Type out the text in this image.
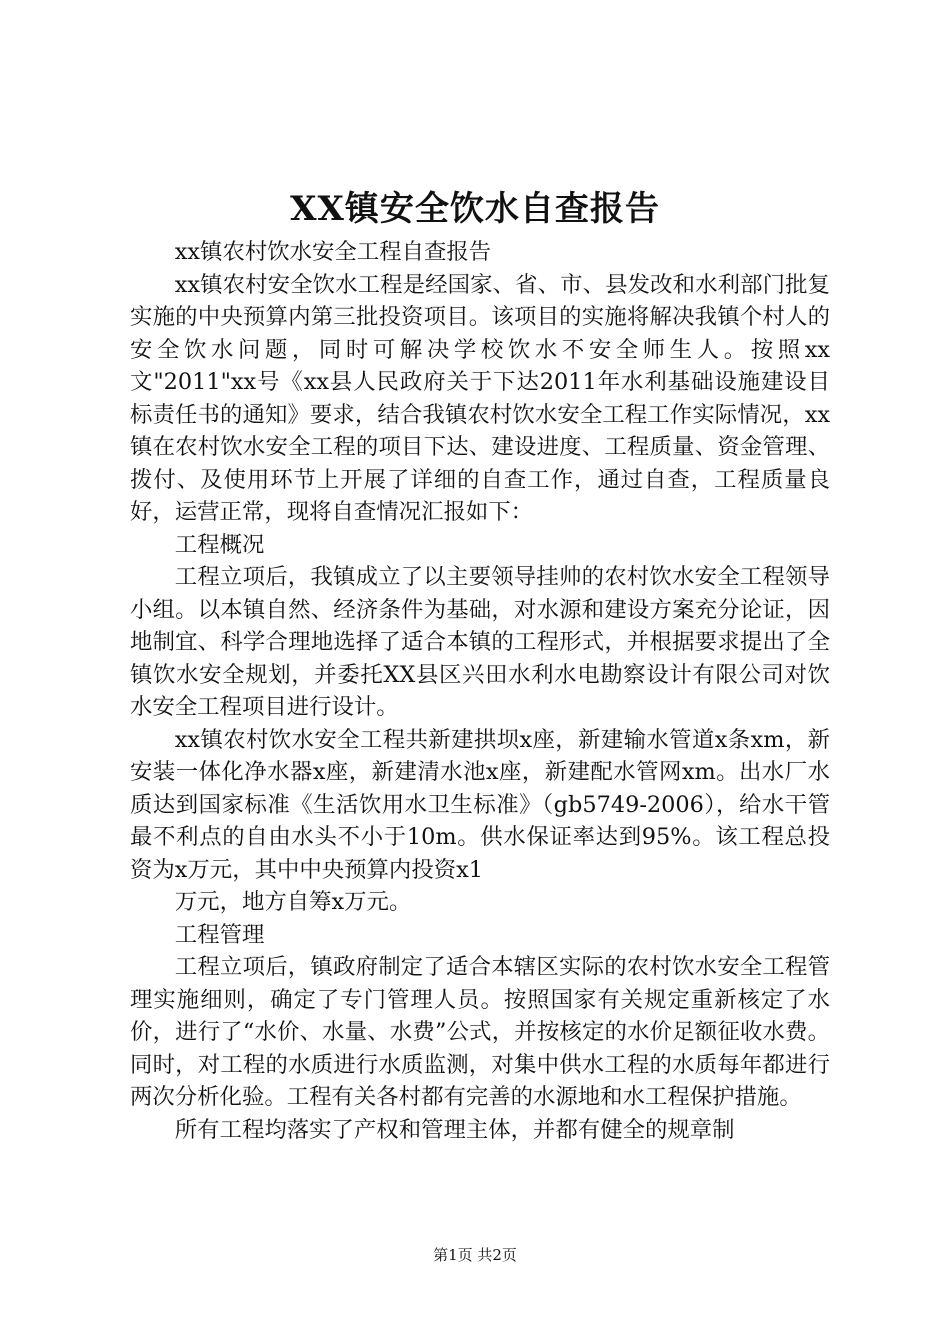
XX镇安全饮水自查报告

xx镇农村饮水安全工程自查报告

xx镇农村安全饮水工程是经国家、省、市、县发改和水利部门批复实施的中央预算内第三批投资项目。该项目的实施将解决我镇个村人的安全饮水问题，同时可解决学校饮水不安全师生人。按照xx文"2011"xx号《xx县人民政府关于下达2011年水利基础设施建设目标责任书的通知》要求，结合我镇农村饮水安全工程工作实际情况，xx镇在农村饮水安全工程的项目下达、建设进度、工程质量、资金管理、拨付、及使用环节上开展了详细的自查工作，通过自查，工程质量良好，运营正常，现将自查情况汇报如下：

工程概况

工程立项后，我镇成立了以主要领导挂帅的农村饮水安全工程领导小组。以本镇自然、经济条件为基础，对水源和建设方案充分论证，因地制宜、科学合理地选择了适合本镇的工程形式，并根据要求提出了全镇饮水安全规划，并委托XX县区兴田水利水电勘察设计有限公司对饮水安全工程项目进行设计。

xx镇农村饮水安全工程共新建拱坝x座，新建输水管道x条xm，新安装一体化净水器x座，新建清水池x座，新建配水管网xm。出水厂水质达到国家标准《生活饮用水卫生标准》（gb5749-2006），给水干管最不利点的自由水头不小于10m。供水保证率达到95%。该工程总投资为x万元，其中中央预算内投资x1

万元，地方自筹x万元。

工程管理

工程立项后，镇政府制定了适合本辖区实际的农村饮水安全工程管理实施细则，确定了专门管理人员。按照国家有关规定重新核定了水价，进行了“水价、水量、水费”公式，并按核定的水价足额征收水费。同时，对工程的水质进行水质监测，对集中供水工程的水质每年都进行两次分析化验。工程有关各村都有完善的水源地和水工程保护措施。

所有工程均落实了产权和管理主体，并都有健全的规章制

第1页 共2页
